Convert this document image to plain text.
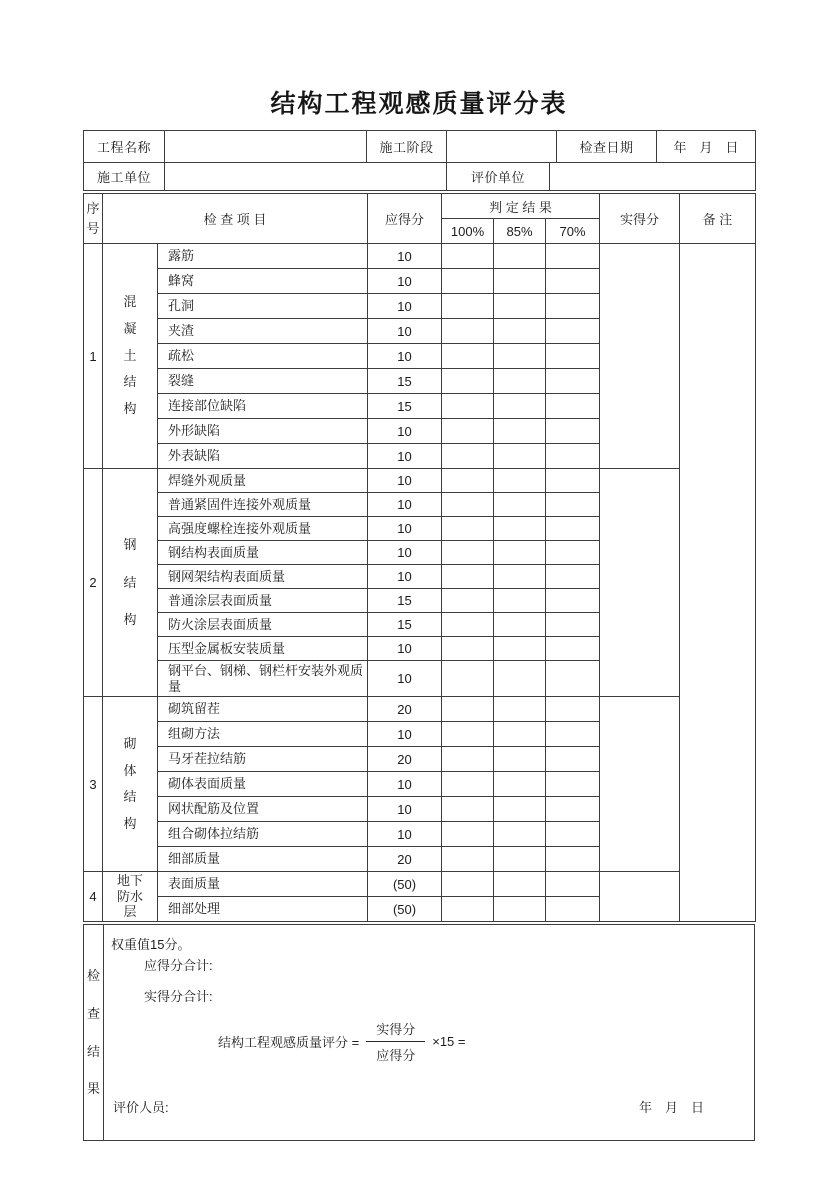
结构工程观感质量评分表
工程名称		施工阶段			检查日期	年　月　日
施工单位			评价单位			
序号	检 查 项 目		应得分	判 定 结 果			实得分	备 注
				100%	85%	70%		
1	混凝土结构	露筋	10					
		蜂窝	10					
		孔洞	10					
		夹渣	10					
		疏松	10					
		裂缝	15					
		连接部位缺陷	15					
		外形缺陷	10					
		外表缺陷	10					
2	钢结构	焊缝外观质量	10					
		普通紧固件连接外观质量	10					
		高强度螺栓连接外观质量	10					
		钢结构表面质量	10					
		钢网架结构表面质量	10					
		普通涂层表面质量	15					
		防火涂层表面质量	15					
		压型金属板安装质量	10					
		钢平台、钢梯、钢栏杆安装外观质量	10					
3	砌体结构	砌筑留茬	20					
		组砌方法	10					
		马牙茬拉结筋	20					
		砌体表面质量	10					
		网状配筋及位置	10					
		组合砌体拉结筋	10					
		细部质量	20					
4	地下防水层	表面质量	(50)					
		细部处理	(50)					
检查结果
权重值15分。
应得分合计:
实得分合计:
结构工程观感质量评分 = $\frac{\text{实得分}}{\text{应得分}} \times 15$ =
评价人员:	年　月　日
